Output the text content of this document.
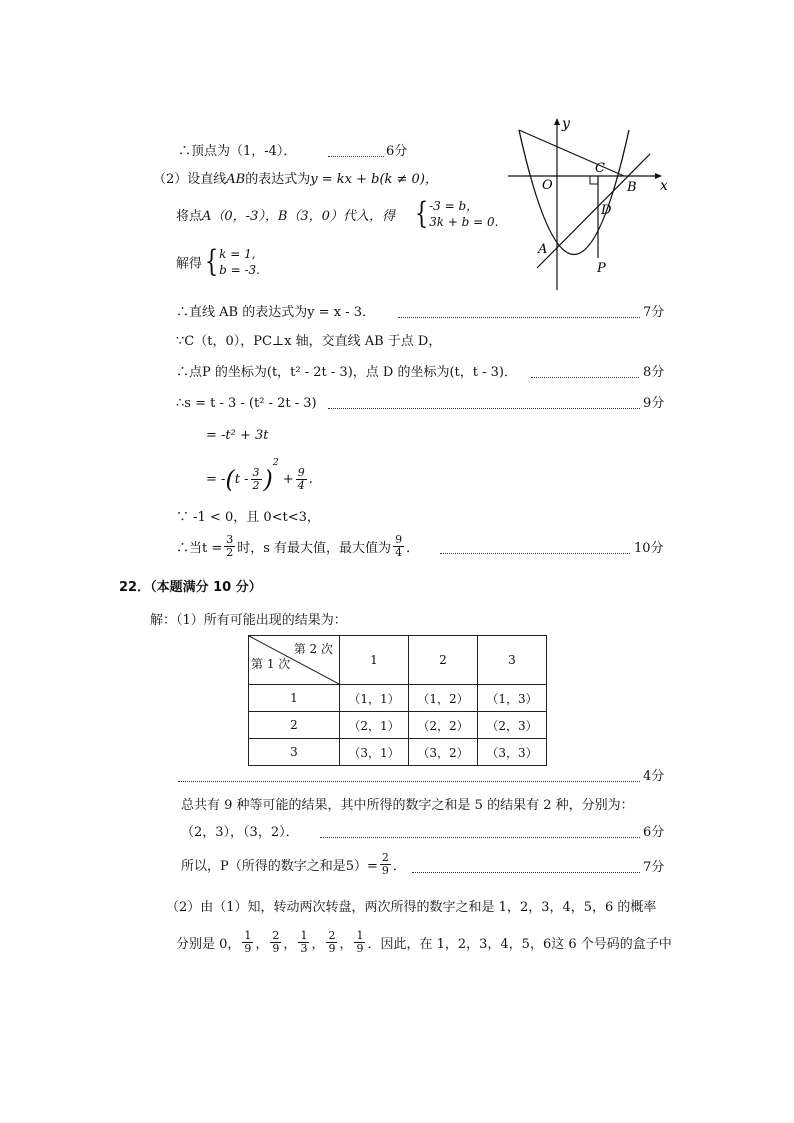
∴顶点为（1，-4）．	6分
（2）设直线AB的表达式为y = kx + b(k ≠ 0)，
将点A（0，-3），B（3，0）代入，得 { -3 = b，
3k + b = 0.
解得{ k = 1,
b = -3.
∴直线 AB 的表达式为y = x - 3．	7分
∵C（t，0），PC⊥x 轴，交直线 AB 于点 D，
∴点P 的坐标为(t，t² - 2t - 3)，点 D 的坐标为(t，t - 3)．	8分
∴s = t - 3 - (t² - 2t - 3)	9分
= -t² + 3t
= $-(t - \frac{3}{2} )^2 + \frac{9}{4}$ .
∵ -1 < 0，且 0<t<3，
∴当$t = \frac{3}{2}$ 时，s 有最大值，最大值为 $\frac{9}{4}$ ．	10分
y
x
O
C
B
D
A
P
22．（本题满分 10 分）
解：（1）所有可能出现的结果为：
第 2 次
第 1 次	1	2	3
1	（1，1）	（1，2）	（1，3）
2	（2，1）	（2，2）	（2，3）
3	（3，1）	（3，2）	（3，3）
4分
总共有 9 种等可能的结果，其中所得的数字之和是 5 的结果有 2 种，分别为：
（2，3），（3，2）．	6分
所以，P（所得的数字之和是$5)= \frac{2}{9}$ ．	7分
（2）由（1）知，转动两次转盘，两次所得的数字之和是 1，2，3，4，5，6 的概率
分别是 0， $\frac{1}{9}$ ， $\frac{2}{9}$ ， $\frac{1}{3}$ ， $\frac{2}{9}$ ， $\frac{1}{9}$ ．因此，在 1，2，3，4，5，6这 6 个号码的盒子中
